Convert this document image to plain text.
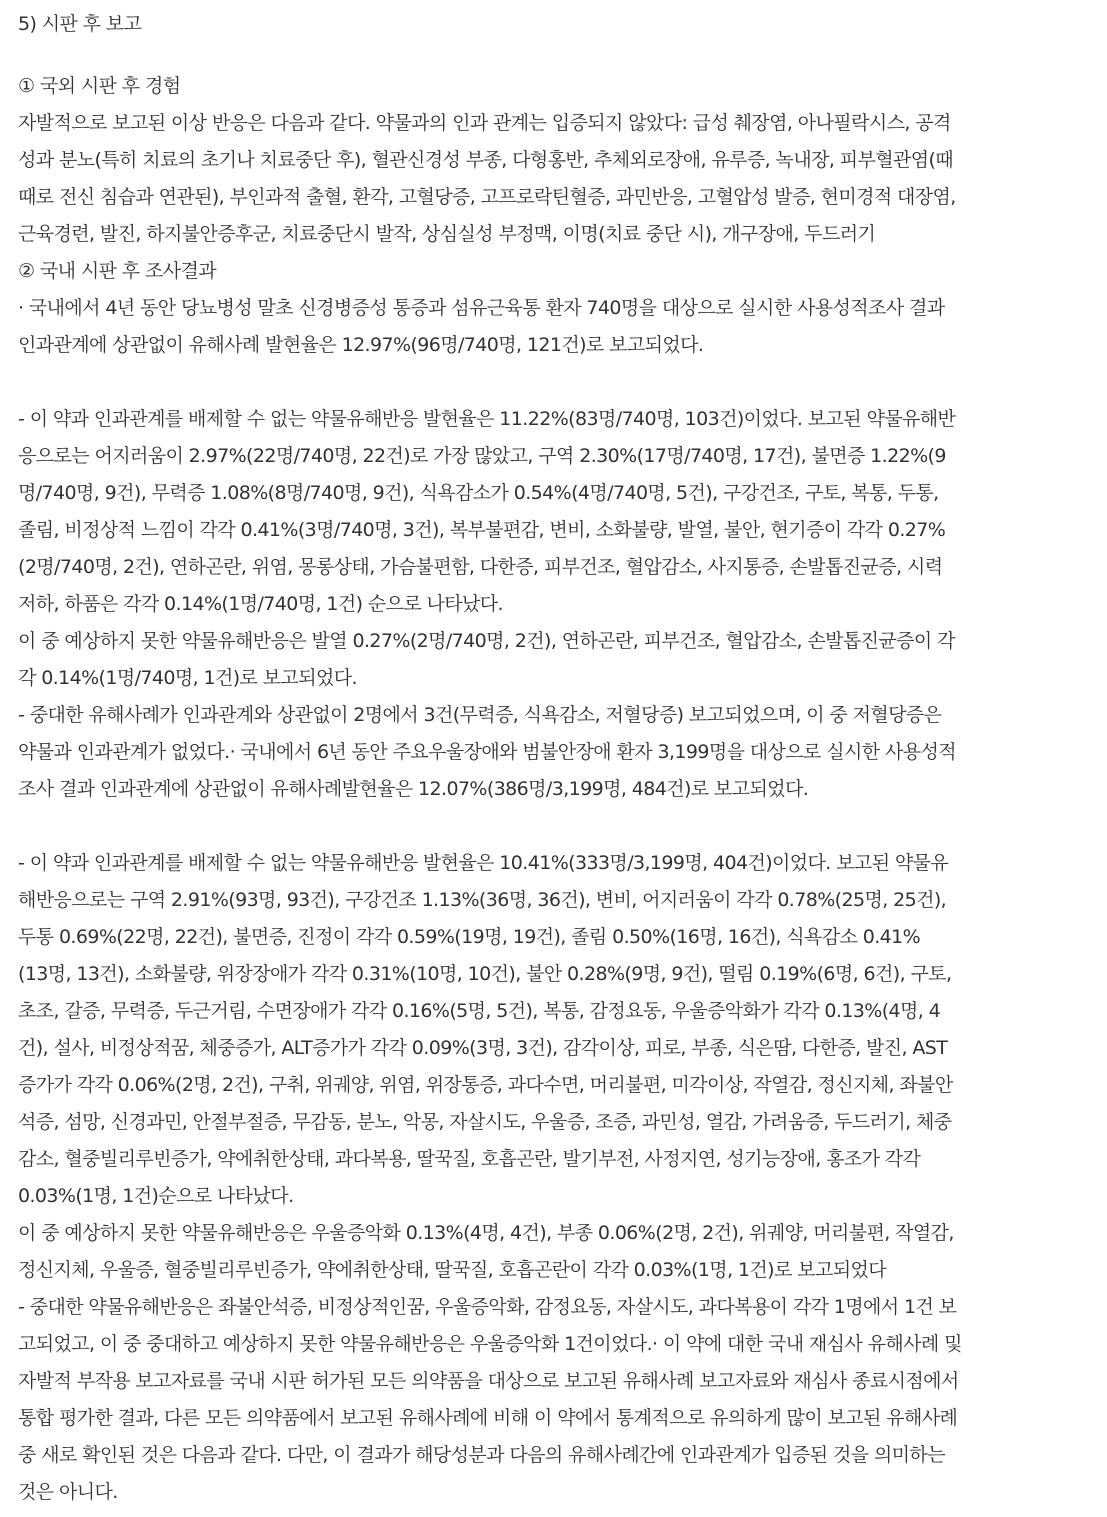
5) 시판 후 보고
① 국외 시판 후 경험
자발적으로 보고된 이상 반응은 다음과 같다. 약물과의 인과 관계는 입증되지 않았다: 급성 췌장염, 아나필락시스, 공격
성과 분노(특히 치료의 초기나 치료중단 후), 혈관신경성 부종, 다형홍반, 추체외로장애, 유루증, 녹내장, 피부혈관염(때
때로 전신 침습과 연관된), 부인과적 출혈, 환각, 고혈당증, 고프로락틴혈증, 과민반응, 고혈압성 발증, 현미경적 대장염,
근육경련, 발진, 하지불안증후군, 치료중단시 발작, 상심실성 부정맥, 이명(치료 중단 시), 개구장애, 두드러기
② 국내 시판 후 조사결과
· 국내에서 4년 동안 당뇨병성 말초 신경병증성 통증과 섬유근육통 환자 740명을 대상으로 실시한 사용성적조사 결과
인과관계에 상관없이 유해사례 발현율은 12.97%(96명/740명, 121건)로 보고되었다.
- 이 약과 인과관계를 배제할 수 없는 약물유해반응 발현율은 11.22%(83명/740명, 103건)이었다. 보고된 약물유해반
응으로는 어지러움이 2.97%(22명/740명, 22건)로 가장 많았고, 구역 2.30%(17명/740명, 17건), 불면증 1.22%(9
명/740명, 9건), 무력증 1.08%(8명/740명, 9건), 식욕감소가 0.54%(4명/740명, 5건), 구강건조, 구토, 복통, 두통,
졸림, 비정상적 느낌이 각각 0.41%(3명/740명, 3건), 복부불편감, 변비, 소화불량, 발열, 불안, 현기증이 각각 0.27%
(2명/740명, 2건), 연하곤란, 위염, 몽롱상태, 가슴불편함, 다한증, 피부건조, 혈압감소, 사지통증, 손발톱진균증, 시력
저하, 하품은 각각 0.14%(1명/740명, 1건) 순으로 나타났다.
이 중 예상하지 못한 약물유해반응은 발열 0.27%(2명/740명, 2건), 연하곤란, 피부건조, 혈압감소, 손발톱진균증이 각
각 0.14%(1명/740명, 1건)로 보고되었다.
- 중대한 유해사례가 인과관계와 상관없이 2명에서 3건(무력증, 식욕감소, 저혈당증) 보고되었으며, 이 중 저혈당증은
약물과 인과관계가 없었다.· 국내에서 6년 동안 주요우울장애와 범불안장애 환자 3,199명을 대상으로 실시한 사용성적
조사 결과 인과관계에 상관없이 유해사례발현율은 12.07%(386명/3,199명, 484건)로 보고되었다.
- 이 약과 인과관계를 배제할 수 없는 약물유해반응 발현율은 10.41%(333명/3,199명, 404건)이었다. 보고된 약물유
해반응으로는 구역 2.91%(93명, 93건), 구강건조 1.13%(36명, 36건), 변비, 어지러움이 각각 0.78%(25명, 25건),
두통 0.69%(22명, 22건), 불면증, 진정이 각각 0.59%(19명, 19건), 졸림 0.50%(16명, 16건), 식욕감소 0.41%
(13명, 13건), 소화불량, 위장장애가 각각 0.31%(10명, 10건), 불안 0.28%(9명, 9건), 떨림 0.19%(6명, 6건), 구토,
초조, 갈증, 무력증, 두근거림, 수면장애가 각각 0.16%(5명, 5건), 복통, 감정요동, 우울증악화가 각각 0.13%(4명, 4
건), 설사, 비정상적꿈, 체중증가, ALT증가가 각각 0.09%(3명, 3건), 감각이상, 피로, 부종, 식은땀, 다한증, 발진, AST
증가가 각각 0.06%(2명, 2건), 구취, 위궤양, 위염, 위장통증, 과다수면, 머리불편, 미각이상, 작열감, 정신지체, 좌불안
석증, 섬망, 신경과민, 안절부절증, 무감동, 분노, 악몽, 자살시도, 우울증, 조증, 과민성, 열감, 가려움증, 두드러기, 체중
감소, 혈중빌리루빈증가, 약에취한상태, 과다복용, 딸꾹질, 호흡곤란, 발기부전, 사정지연, 성기능장애, 홍조가 각각
0.03%(1명, 1건)순으로 나타났다.
이 중 예상하지 못한 약물유해반응은 우울증악화 0.13%(4명, 4건), 부종 0.06%(2명, 2건), 위궤양, 머리불편, 작열감,
정신지체, 우울증, 혈중빌리루빈증가, 약에취한상태, 딸꾹질, 호흡곤란이 각각 0.03%(1명, 1건)로 보고되었다
- 중대한 약물유해반응은 좌불안석증, 비정상적인꿈, 우울증악화, 감정요동, 자살시도, 과다복용이 각각 1명에서 1건 보
고되었고, 이 중 중대하고 예상하지 못한 약물유해반응은 우울증악화 1건이었다.· 이 약에 대한 국내 재심사 유해사례 및
자발적 부작용 보고자료를 국내 시판 허가된 모든 의약품을 대상으로 보고된 유해사례 보고자료와 재심사 종료시점에서
통합 평가한 결과, 다른 모든 의약품에서 보고된 유해사례에 비해 이 약에서 통계적으로 유의하게 많이 보고된 유해사례
중 새로 확인된 것은 다음과 같다. 다만, 이 결과가 해당성분과 다음의 유해사례간에 인과관계가 입증된 것을 의미하는
것은 아니다.
